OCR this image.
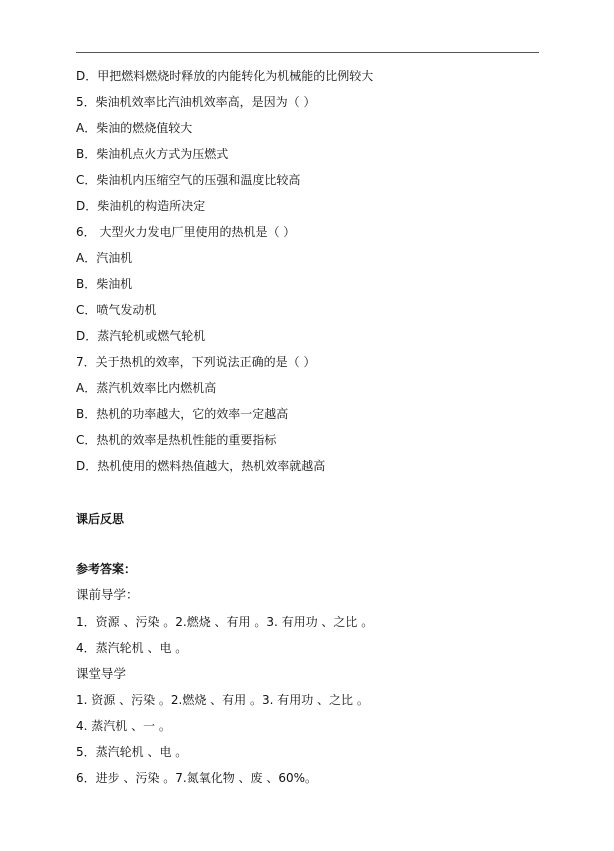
D．甲把燃料燃烧时释放的内能转化为机械能的比例较大
5．柴油机效率比汽油机效率高，是因为（ ）
A．柴油的燃烧值较大
B．柴油机点火方式为压燃式
C．柴油机内压缩空气的压强和温度比较高
D．柴油机的构造所决定
6． 大型火力发电厂里使用的热机是（ ）
A．汽油机
B．柴油机
C．喷气发动机
D．蒸汽轮机或燃气轮机
7．关于热机的效率，下列说法正确的是（ ）
A．蒸汽机效率比内燃机高
B．热机的功率越大，它的效率一定越高
C．热机的效率是热机性能的重要指标
D．热机使用的燃料热值越大，热机效率就越高
课后反思
参考答案：
课前导学：
1．资源 、污染 。2.燃烧 、有用 。3. 有用功 、之比 。
4．蒸汽轮机 、电 。
课堂导学
1. 资源 、污染 。2.燃烧 、有用 。3. 有用功 、之比 。
4. 蒸汽机 、一 。
5．蒸汽轮机 、电 。
6．进步 、污染 。7.氮氧化物 、废 、60%。
